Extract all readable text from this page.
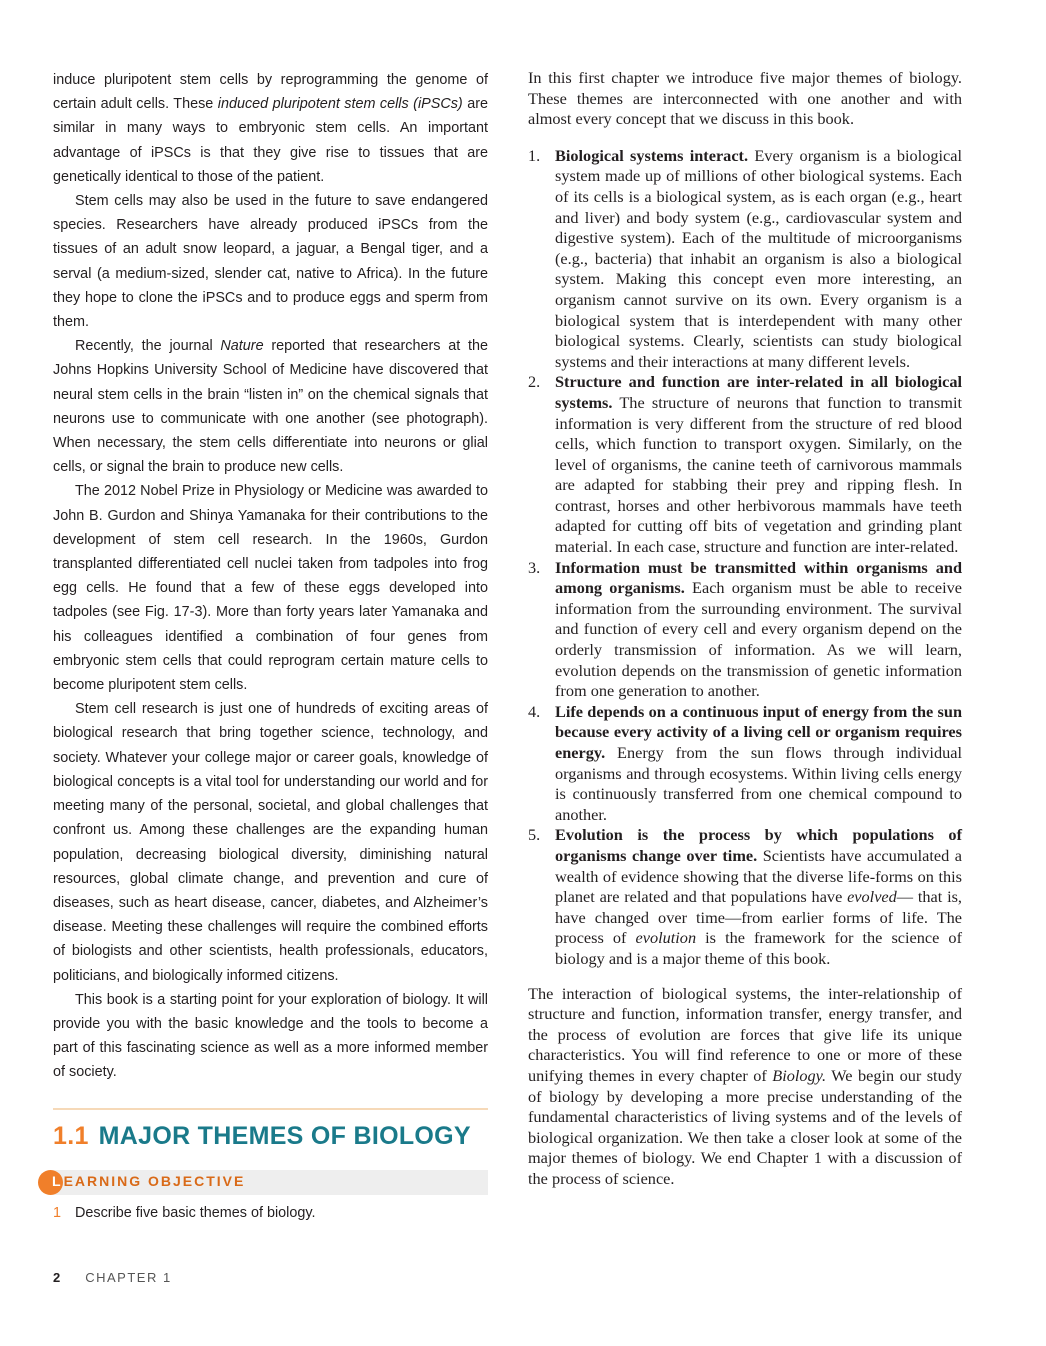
induce pluripotent stem cells by reprogramming the genome of certain adult cells. These induced pluripotent stem cells (iPSCs) are similar in many ways to embryonic stem cells. An important advantage of iPSCs is that they give rise to tissues that are genetically identical to those of the patient.

Stem cells may also be used in the future to save endangered species. Researchers have already produced iPSCs from the tissues of an adult snow leopard, a jaguar, a Bengal tiger, and a serval (a medium-sized, slender cat, native to Africa). In the future they hope to clone the iPSCs and to produce eggs and sperm from them.

Recently, the journal Nature reported that researchers at the Johns Hopkins University School of Medicine have discovered that neural stem cells in the brain “listen in” on the chemical signals that neurons use to communicate with one another (see photograph). When necessary, the stem cells differentiate into neurons or glial cells, or signal the brain to produce new cells.

The 2012 Nobel Prize in Physiology or Medicine was awarded to John B. Gurdon and Shinya Yamanaka for their contributions to the development of stem cell research. In the 1960s, Gurdon transplanted differentiated cell nuclei taken from tadpoles into frog egg cells. He found that a few of these eggs developed into tadpoles (see Fig. 17-3). More than forty years later Yamanaka and his colleagues identified a combination of four genes from embryonic stem cells that could reprogram certain mature cells to become pluripotent stem cells.

Stem cell research is just one of hundreds of exciting areas of biological research that bring together science, technology, and society. Whatever your college major or career goals, knowledge of biological concepts is a vital tool for understanding our world and for meeting many of the personal, societal, and global challenges that confront us. Among these challenges are the expanding human population, decreasing biological diversity, diminishing natural resources, global climate change, and prevention and cure of diseases, such as heart disease, cancer, diabetes, and Alzheimer’s disease. Meeting these challenges will require the combined efforts of biologists and other scientists, health professionals, educators, politicians, and biologically informed citizens.

This book is a starting point for your exploration of biology. It will provide you with the basic knowledge and the tools to become a part of this fascinating science as well as a more informed member of society.

1.1 MAJOR THEMES OF BIOLOGY
LEARNING OBJECTIVE
1 Describe five basic themes of biology.

In this first chapter we introduce five major themes of biology. These themes are interconnected with one another and with almost every concept that we discuss in this book.

1. Biological systems interact. Every organism is a biological system made up of millions of other biological systems. Each of its cells is a biological system, as is each organ (e.g., heart and liver) and body system (e.g., cardiovascular system and digestive system). Each of the multitude of microorganisms (e.g., bacteria) that inhabit an organism is also a biological system. Making this concept even more interesting, an organism cannot survive on its own. Every organism is a biological system that is interdependent with many other biological systems. Clearly, scientists can study biological systems and their interactions at many different levels.
2. Structure and function are inter-related in all biological systems. The structure of neurons that function to transmit information is very different from the structure of red blood cells, which function to transport oxygen. Similarly, on the level of organisms, the canine teeth of carnivorous mammals are adapted for stabbing their prey and ripping flesh. In contrast, horses and other herbivorous mammals have teeth adapted for cutting off bits of vegetation and grinding plant material. In each case, structure and function are inter-related.
3. Information must be transmitted within organisms and among organisms. Each organism must be able to receive information from the surrounding environment. The survival and function of every cell and every organism depend on the orderly transmission of information. As we will learn, evolution depends on the transmission of genetic information from one generation to another.
4. Life depends on a continuous input of energy from the sun because every activity of a living cell or organism requires energy. Energy from the sun flows through individual organisms and through ecosystems. Within living cells energy is continuously transferred from one chemical compound to another.
5. Evolution is the process by which populations of organisms change over time. Scientists have accumulated a wealth of evidence showing that the diverse life-forms on this planet are related and that populations have evolved— that is, have changed over time—from earlier forms of life. The process of evolution is the framework for the science of biology and is a major theme of this book.

The interaction of biological systems, the inter-relationship of structure and function, information transfer, energy transfer, and the process of evolution are forces that give life its unique characteristics. You will find reference to one or more of these unifying themes in every chapter of Biology. We begin our study of biology by developing a more precise understanding of the fundamental characteristics of living systems and of the levels of biological organization. We then take a closer look at some of the major themes of biology. We end Chapter 1 with a discussion of the process of science.

2 CHAPTER 1
